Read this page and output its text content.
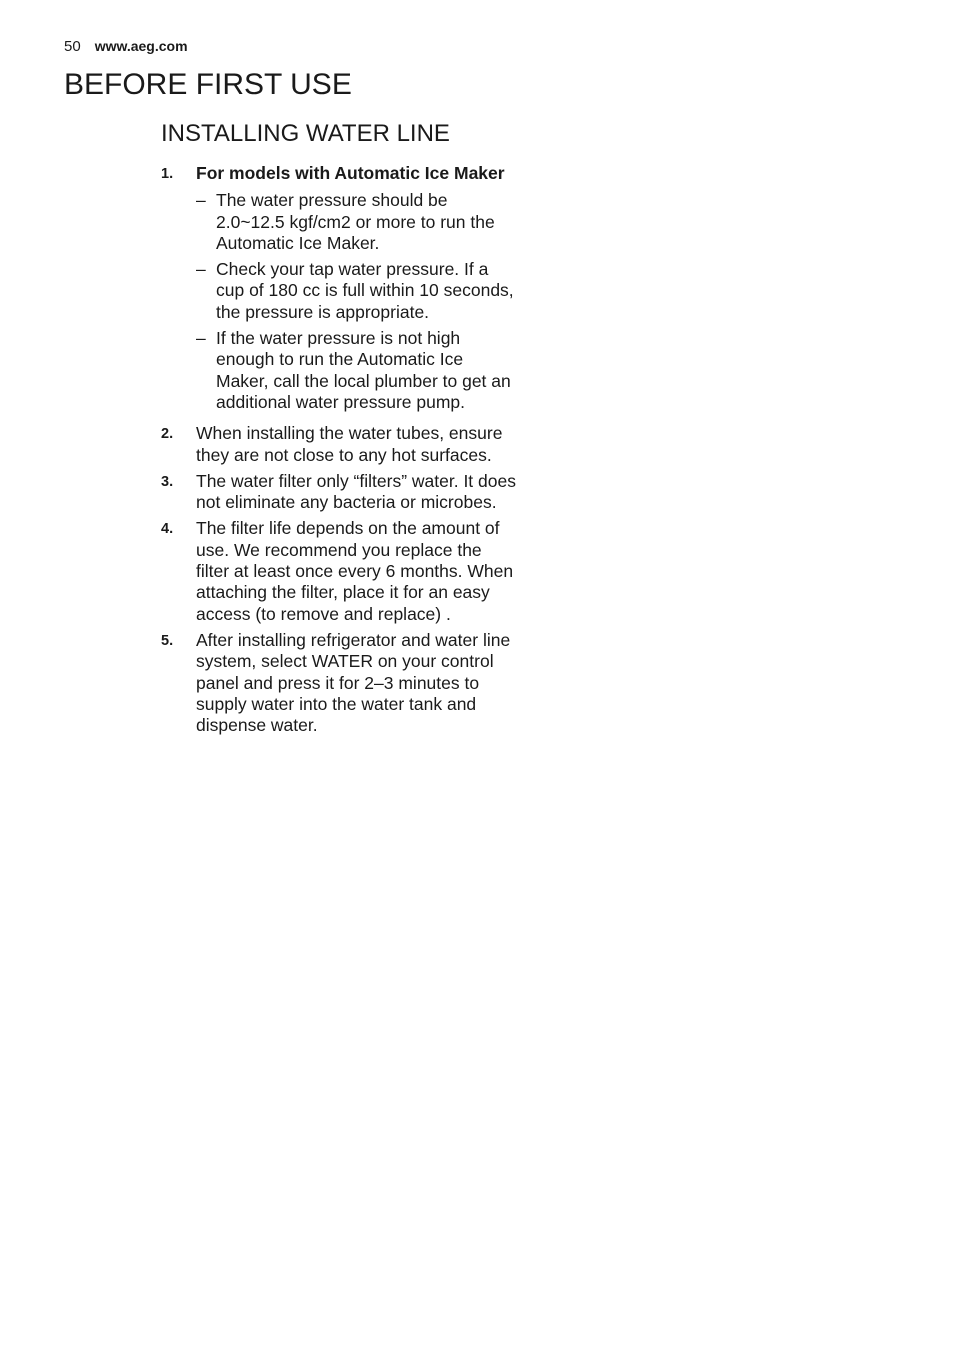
50 www.aeg.com
BEFORE FIRST USE
INSTALLING WATER LINE
1.	For models with Automatic Ice Maker
– The water pressure should be 2.0~12.5 kgf/cm2 or more to run the Automatic Ice Maker.
– Check your tap water pressure. If a cup of 180 cc is full within 10 seconds, the pressure is appropriate.
– If the water pressure is not high enough to run the Automatic Ice Maker, call the local plumber to get an additional water pressure pump.
2.	When installing the water tubes, ensure they are not close to any hot surfaces.
3.	The water filter only “filters” water. It does not eliminate any bacteria or microbes.
4.	The filter life depends on the amount of use. We recommend you replace the filter at least once every 6 months. When attaching the filter, place it for an easy access (to remove and replace) .
5.	After installing refrigerator and water line system, select WATER on your control panel and press it for 2–3 minutes to supply water into the water tank and dispense water.
